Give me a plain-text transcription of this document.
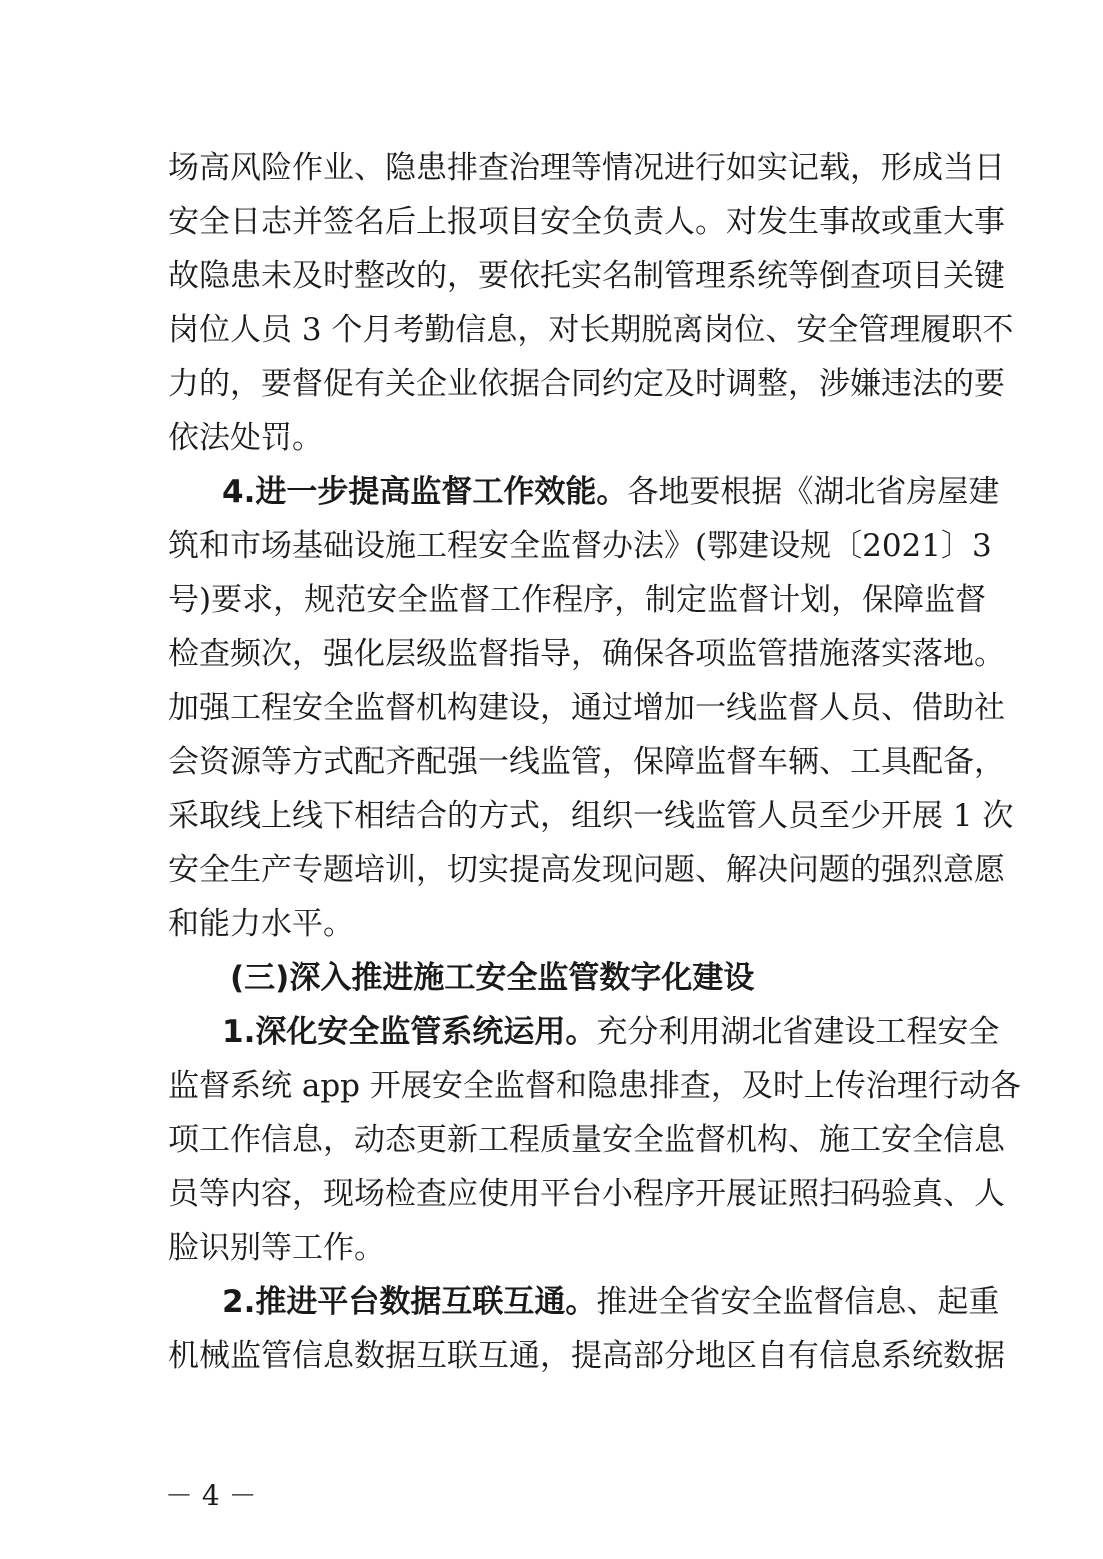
场高风险作业、隐患排查治理等情况进行如实记载，形成当日
安全日志并签名后上报项目安全负责人。对发生事故或重大事
故隐患未及时整改的，要依托实名制管理系统等倒查项目关键
岗位人员 3 个月考勤信息，对长期脱离岗位、安全管理履职不
力的，要督促有关企业依据合同约定及时调整，涉嫌违法的要
依法处罚。
4.进一步提高监督工作效能。各地要根据《湖北省房屋建
筑和市场基础设施工程安全监督办法》(鄂建设规〔2021〕3
号)要求，规范安全监督工作程序，制定监督计划，保障监督
检查频次，强化层级监督指导，确保各项监管措施落实落地。
加强工程安全监督机构建设，通过增加一线监督人员、借助社
会资源等方式配齐配强一线监管，保障监督车辆、工具配备，
采取线上线下相结合的方式，组织一线监管人员至少开展 1 次
安全生产专题培训，切实提高发现问题、解决问题的强烈意愿
和能力水平。
(三)深入推进施工安全监管数字化建设
1.深化安全监管系统运用。充分利用湖北省建设工程安全
监督系统 app 开展安全监督和隐患排查，及时上传治理行动各
项工作信息，动态更新工程质量安全监督机构、施工安全信息
员等内容，现场检查应使用平台小程序开展证照扫码验真、人
脸识别等工作。
2.推进平台数据互联互通。推进全省安全监督信息、起重
机械监管信息数据互联互通，提高部分地区自有信息系统数据
－ 4 －
